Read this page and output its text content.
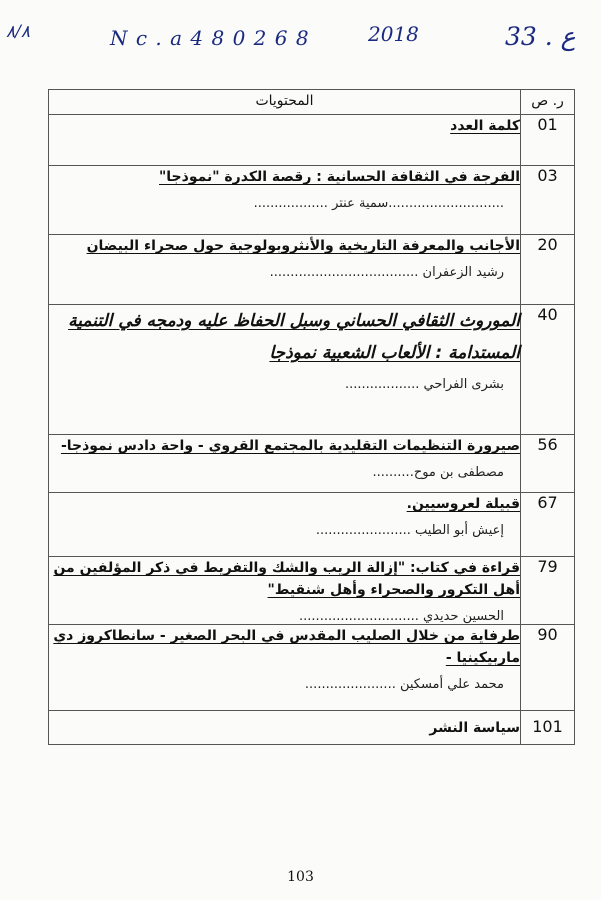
۸/۸	N c . a 4 8 0 2 6 8	2018	33 . ع
المحتويات	ر. ص

كلمة العدد	01

الفرجة في الثقافة الحسانية : رقصة الكدرة "نموذجا"
............................سمية عنتر ..................	03

الأجانب والمعرفة التاريخية والأنثروبولوجية حول صحراء البيضان
رشيد الزعفران ....................................	20

الموروث الثقافي الحساني وسبل الحفاظ عليه ودمجه في التنمية المستدامة : الألعاب الشعبية نموذجا
بشرى الفراحي ..................	40

صيرورة التنظيمات التقليدية بالمجتمع القروي - واحة دادس نموذجا-
مصطفى بن موح..........	56

قبيلة لعروسيين.
إعيش أبو الطيب .......................	67

قراءة في كتاب: "إزالة الريب والشك والتفريط في ذكر المؤلفين من أهل التكرور والصحراء وأهل شنقيط"
الحسين حديدي .............................	79

طرفاية من خلال الصليب المقدس في البحر الصغير - سانطاكروز دي ماربيكينيا -
محمد علي أمسكين ......................	90

سياسة النشر	101
103
